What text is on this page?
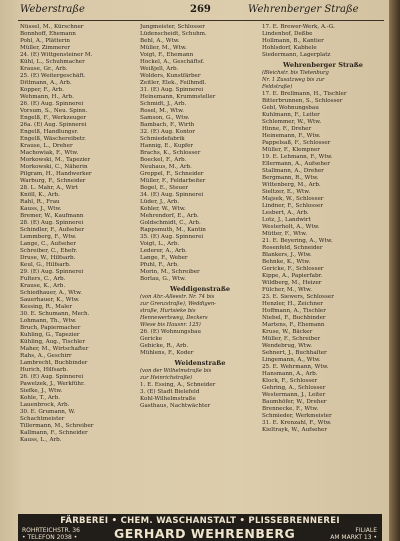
Weberstraße	269	Wehrenberger Straße
Nüssel, M., Kürschner
Bonnhoff, Ehemann
Pohl, A., Plätterin
Müller, Zimmerer
24. (E) Wittgensteiner M.
Kühl, L., Schuhmacher
Krause, Gr., Arb.
25. (E) Weitergeschäft.
Dittmann, A., Arb.
Kopper, F., Arb.
Wehmann, H., Arb.
26. (E) Aug. Spinnerei
Vorsum, S., Neu. Spinn.
Engelß, F., Werkzeuger
26a. (E) Aug. Spinnerei
Engelß, Handlungsr.
Engelß, Wäschereibetr.
Krause, L., Dreher
Machowiak, F., Wtw.
Morkowski, M., Tapezier
Morkowski, C., Näherin
Pilgram, H., Handwerker
Warburg, F., Schneider
28. L. Mahr, A., Wirt
Knöll, K., Arb.
Rahl, R., Frau
Kauss, J., Wtw.
Bremer, W., Kaufmann
28. (E) Aug. Spinnerei
Schindler, F., Aufseher
Lemmberg, F., Wtw.
Lange, C., Aufseher
Schreiber, C., Ehefr.
Druse, W., Hilfsarb.
Keul, G., Hilfsarb.
29. (E) Aug. Spinnerei
Fulters, C., Arb.
Krause, K., Arb.
Schiedhauer, A., Wtw.
Sauerhauer, K., Wtw.
Kessing, R., Maler
30. E. Schumann, Mech.
Lohmann, Th., Wtw.
Bruch, Papiermacher
Kuhling, G., Tapezier
Kühling, Aug., Tischler
Maher, M., Wirtschafter
Rahs, A., Geschirr
Lambrecht, Buchbinder
Hurich, Hilfsarb.
26. (E) Aug. Spinnerei
Pawelzek, J., Werkführ.
Siefke, J., Wtw.
Kohle, T., Arb.
Lauenbrock, Arb.
30. E. Grumann, W.
Schachtmeister
Tillermann, M., Schreiber
Kallmann, F., Schneider
Kauss, L., Arb.
Jungmeister, Schlosser
Lüdenscheidt, Schuhm.
Behl, A., Wtw.
Müller, M., Wtw.
Voigt, F., Ehemann
Hockel, A., Geschäftsf.
Weißjell, Arb.
Wolders, Kunstfärber
Zeitler, Elek., Feilhmdl.
31. (E) Aug. Spinnerei
Heinemann, Krummsteller
Schmidt, J., Arb.
Rosel, M., Wtw.
Samson, G., Wtw.
Bambach, F., Wirth
32. (E) Aug. Kontor
Schmiedefabrik
Hannig, E., Kupfer
Brachs, K., Schlosser
Boeckel, F., Arb.
Neuhaus, M., Arb.
Greppel, F., Schneider
Müller, F., Feldarbeiter
Bogel, E., Steuer
34. (E) Aug. Spinnerei
Lüder, J., Arb.
Kohler, W., Wtw.
Mehrendorf, E., Arb.
Goldschmidt, C., Arb.
Rappsmuth, M., Kantin
35. (E) Aug. Spinnerei
Voigt, L., Arb.
Lederer, A., Arb.
Lange, F., Weber
Pfuhl, F., Arb.
Morin, M., Schreiber
Borlau, G., Wtw.
Weddigenstraße
(von Ahr.-Alleestr. Nr. 74 bis
zur Grenzstraße), Weddigen-
straße, Hurtsieke bis
Hennewertsweg, Deckers
Wiese bis Hausnr. 125)
26. (E) Wohnungsbau
Gericke
Gebicke, R., Arb.
Mühlens, F., Koder
Weidenstraße
(von der Wilhelmstraße bis
zur Heinrichstraße)
1. E. Essing, A., Schneider
3. (E) Stadt Bielefeld
Kohl-Wilhelmstraße
Gasthaus, Nachtwächter
17. E. Brewer-Werk, A.-G.
Lindenhof, Deßbe
Hollmann, B., Kantier
Hohlsdorf, Kabhele
Siedermann, Lagerplatz
Wehrenberger Straße
(Bleichstr. bis Tietenburg
Nr. 1 Zusatzweg bis zur
Feldstraße)
17. E. Brellmann, H., Tischler
Bitterbrunnen, S., Schlosser
Gebl, Wohnungsbau
Kuhlmann, F., Leiter
Schlemmer, W., Wtw.
Hinne, F., Dreher
Heinemann, F., Wtw.
Pappelsaß, F., Schlosser
Müller, F., Klempner
19. E. Lehmann, F., Wtw.
Ellermann, A., Aufseher
Stallmann, A., Dreher
Bergmann, R., Wtw.
Wittenberg, M., Arb.
Sieltzer, E., Wtw.
Majsek, W., Schlosser
Lindner, F., Schlosser
Lesbert, A., Arb.
Lotz, J., Landwirt
Westerholt, A., Wtw.
Mütter, F., Wtw.
21. E. Beyering, A., Wtw.
Rosenfeld, Schneider
Blankers, J., Wtw.
Behnke, K., Wtw.
Gericke, F., Schlosser
Kippe, A., Papierfabr.
Wildberg, M., Heizer
Fülcher, M., Wtw.
23. E. Siewers, Schlosser
Henzler, H., Zeichner
Hoffmann, A., Tischler
Niebel, F., Buchbinder
Martens, F., Ehemann
Kruse, W., Bäcker
Müller, F., Schreiber
Wendebrug, Wtw.
Sehnert, J., Buchhalter
Lingemann, A., Wtw.
25. E. Wehrmann, Wtw.
Hansmann, A., Arb.
Klock, F., Schlosser
Gehring, A., Schlosser
Westermann, J., Leiter
Baumhöfer, W., Dreher
Brennecke, F., Wtw.
Schmieder, Werkmeister
31. E. Krenzahl, F., Wtw.
Kieltrayk, W., Aufseher
FÄRBEREI • CHEM. WASCHANSTALT • PLISSEBRENNEREI
ROHRTEICHSTR. 36
• TELEFON 2038 •	GERHARD WEHRENBERG	FILIALE
AM MARKT 13 •
